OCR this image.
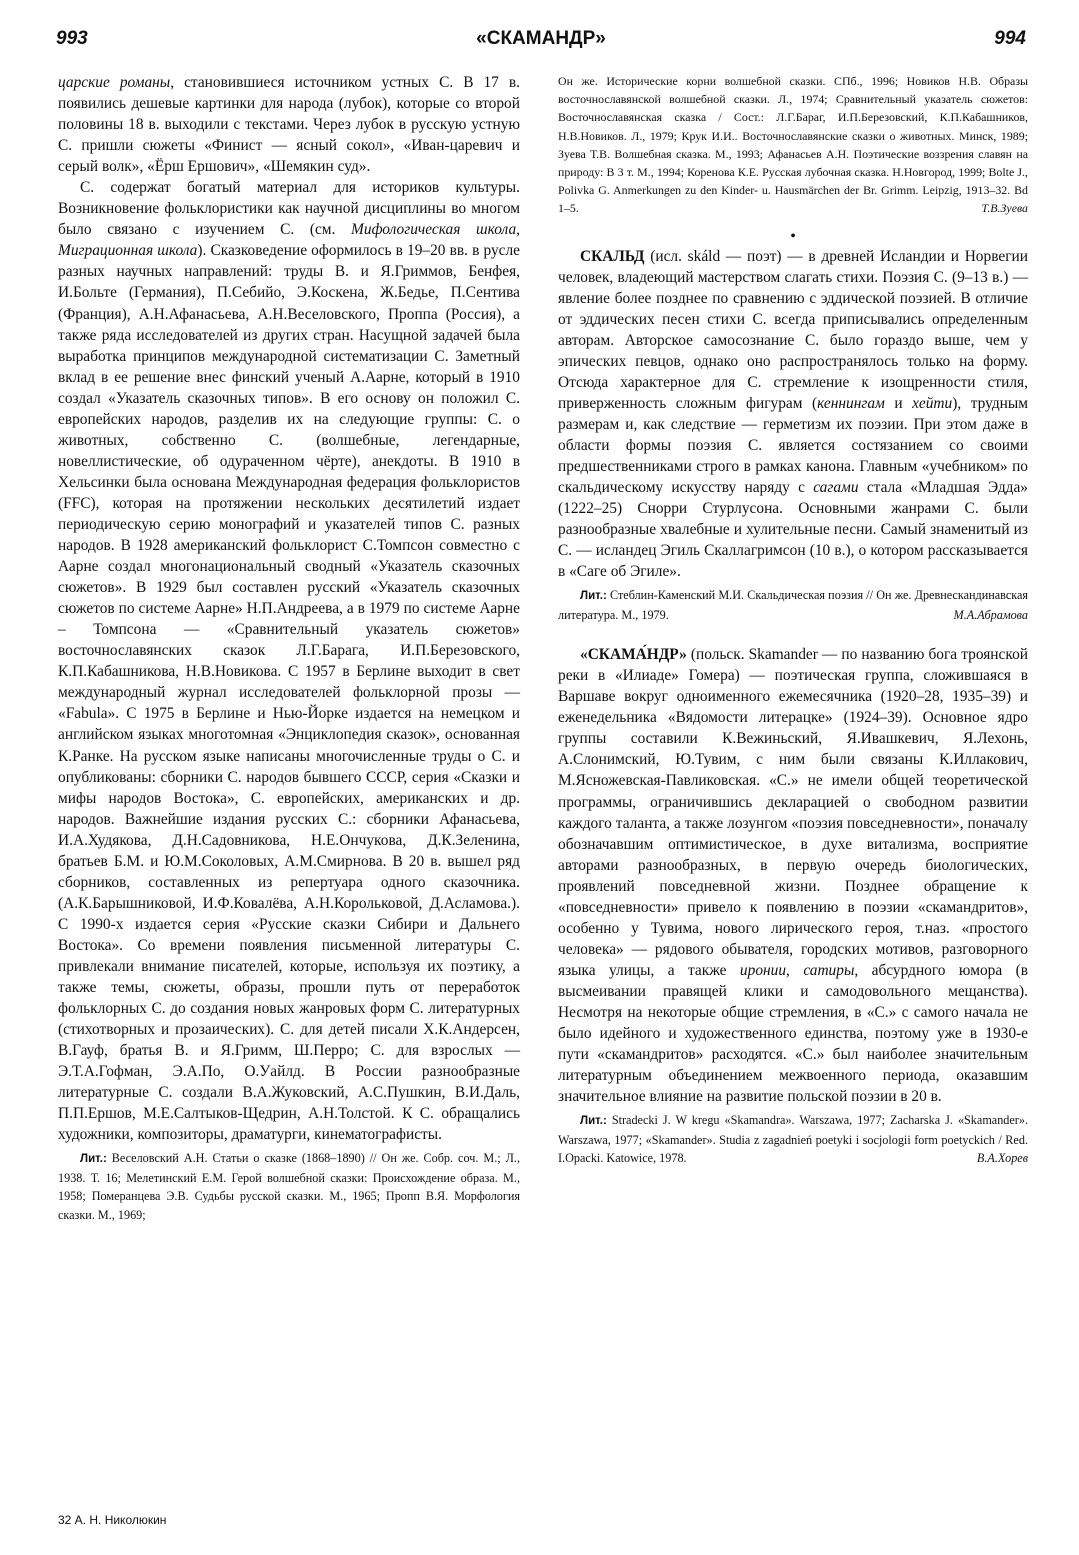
993	«СКАМАНДР»	994

царские романы, становившиеся источником устных С. В 17 в. появились дешевые картинки для народа (лубок), которые со второй половины 18 в. выходили с текстами. Через лубок в русскую устную С. пришли сюжеты «Финист — ясный сокол», «Иван-царевич и серый волк», «Ёрш Ершович», «Шемякин суд».

С. содержат богатый материал для историков культуры. Возникновение фольклористики как научной дисциплины во многом было связано с изучением С. (см. Мифологическая школа, Миграционная школа). Сказковедение оформилось в 19–20 вв. в русле разных научных направлений: труды В. и Я.Гриммов, Бенфея, И.Больте (Германия), П.Себийо, Э.Коскена, Ж.Бедье, П.Сентива (Франция), А.Н.Афанасьева, А.Н.Веселовского, Проппа (Россия), а также ряда исследователей из других стран. Насущной задачей была выработка принципов международной систематизации С. Заметный вклад в ее решение внес финский ученый А.Аарне, который в 1910 создал «Указатель сказочных типов». В его основу он положил С. европейских народов, разделив их на следующие группы: С. о животных, собственно С. (волшебные, легендарные, новеллистические, об одураченном чёрте), анекдоты. В 1910 в Хельсинки была основана Международная федерация фольклористов (FFC), которая на протяжении нескольких десятилетий издает периодическую серию монографий и указателей типов С. разных народов. В 1928 американский фольклорист С.Томпсон совместно с Аарне создал многонациональный сводный «Указатель сказочных сюжетов». В 1929 был составлен русский «Указатель сказочных сюжетов по системе Аарне» Н.П.Андреева, а в 1979 по системе Аарне – Томпсона — «Сравнительный указатель сюжетов» восточнославянских сказок Л.Г.Барага, И.П.Березовского, К.П.Кабашникова, Н.В.Новикова. С 1957 в Берлине выходит в свет международный журнал исследователей фольклорной прозы — «Fabula». С 1975 в Берлине и Нью-Йорке издается на немецком и английском языках многотомная «Энциклопедия сказок», основанная К.Ранке. На русском языке написаны многочисленные труды о С. и опубликованы: сборники С. народов бывшего СССР, серия «Сказки и мифы народов Востока», С. европейских, американских и др. народов. Важнейшие издания русских С.: сборники Афанасьева, И.А.Худякова, Д.Н.Садовникова, Н.Е.Ончукова, Д.К.Зеленина, братьев Б.М. и Ю.М.Соколовых, А.М.Смирнова. В 20 в. вышел ряд сборников, составленных из репертуара одного сказочника. (А.К.Барышниковой, И.Ф.Ковалёва, А.Н.Корольковой, Д.Асламова.). С 1990-х издается серия «Русские сказки Сибири и Дальнего Востока». Со времени появления письменной литературы С. привлекали внимание писателей, которые, используя их поэтику, а также темы, сюжеты, образы, прошли путь от переработок фольклорных С. до создания новых жанровых форм С. литературных (стихотворных и прозаических). С. для детей писали Х.К.Андерсен, В.Гауф, братья В. и Я.Гримм, Ш.Перро; С. для взрослых — Э.Т.А.Гофман, Э.А.По, О.Уайлд. В России разнообразные литературные С. создали В.А.Жуковский, А.С.Пушкин, В.И.Даль, П.П.Ершов, М.Е.Салтыков-Щедрин, А.Н.Толстой. К С. обращались художники, композиторы, драматурги, кинематографисты.

Лит.: Веселовский А.Н. Статьи о сказке (1868–1890) // Он же. Собр. соч. М.; Л., 1938. Т. 16; Мелетинский Е.М. Герой волшебной сказки: Происхождение образа. М., 1958; Померанцева Э.В. Судьбы русской сказки. М., 1965; Пропп В.Я. Морфология сказки. М., 1969;

Он же. Исторические корни волшебной сказки. СПб., 1996; Новиков Н.В. Образы восточнославянской волшебной сказки. Л., 1974; Сравнительный указатель сюжетов: Восточнославянская сказка / Сост.: Л.Г.Бараг, И.П.Березовский, К.П.Кабашников, Н.В.Новиков. Л., 1979; Крук И.И.. Восточнославянские сказки о животных. Минск, 1989; Зуева Т.В. Волшебная сказка. М., 1993; Афанасьев А.Н. Поэтические воззрения славян на природу: В 3 т. М., 1994; Коренова К.Е. Русская лубочная сказка. Н.Новгород, 1999; Bolte J., Polivka G. Anmerkungen zu den Kinder- u. Hausmärchen der Br. Grimm. Leipzig, 1913–32. Bd 1–5.	Т.В.Зуева

•

СКАЛЬД (исл. skáld — поэт) — в древней Исландии и Норвегии человек, владеющий мастерством слагать стихи. Поэзия С. (9–13 в.) — явление более позднее по сравнению с эддической поэзией. В отличие от эддических песен стихи С. всегда приписывались определенным авторам. Авторское самосознание С. было гораздо выше, чем у эпических певцов, однако оно распространялось только на форму. Отсюда характерное для С. стремление к изощренности стиля, приверженность сложным фигурам (кеннингам и хейти), трудным размерам и, как следствие — герметизм их поэзии. При этом даже в области формы поэзия С. является состязанием со своими предшественниками строго в рамках канона. Главным «учебником» по скальдическому искусству наряду с сагами стала «Младшая Эдда» (1222–25) Снорри Стурлусона. Основными жанрами С. были разнообразные хвалебные и хулительные песни. Самый знаменитый из С. — исландец Эгиль Скаллагримсон (10 в.), о котором рассказывается в «Саге об Эгиле».

Лит.: Стеблин-Каменский М.И. Скальдическая поэзия // Он же. Древнескандинавская литература. М., 1979.	М.А.Абрамова

«СКАМА́НДР» (польск. Skamander — по названию бога троянской реки в «Илиаде» Гомера) — поэтическая группа, сложившаяся в Варшаве вокруг одноименного ежемесячника (1920–28, 1935–39) и еженедельника «Вядомости литерацке» (1924–39). Основное ядро группы составили К.Вежиньский, Я.Ивашкевич, Я.Лехонь, А.Слонимский, Ю.Тувим, с ним были связаны К.Иллакович, М.Ясножевская-Павликовская. «С.» не имели общей теоретической программы, ограничившись декларацией о свободном развитии каждого таланта, а также лозунгом «поэзия повседневности», поначалу обозначавшим оптимистическое, в духе витализма, восприятие авторами разнообразных, в первую очередь биологических, проявлений повседневной жизни. Позднее обращение к «повседневности» привело к появлению в поэзии «скамандритов», особенно у Тувима, нового лирического героя, т.наз. «простого человека» — рядового обывателя, городских мотивов, разговорного языка улицы, а также иронии, сатиры, абсурдного юмора (в высмеивании правящей клики и самодовольного мещанства). Несмотря на некоторые общие стремления, в «С.» с самого начала не было идейного и художественного единства, поэтому уже в 1930-е пути «скамандритов» расходятся. «С.» был наиболее значительным литературным объединением межвоенного периода, оказавшим значительное влияние на развитие польской поэзии в 20 в.

Лит.: Stradecki J. W kregu «Skamandra». Warszawa, 1977; Zacharska J. «Skamander». Warszawa, 1977; «Skamander». Studia z zagadnień poetyki i socjologii form poetyckich / Red. I.Opacki. Katowice, 1978.	В.А.Хорев

32 А. Н. Николюкин
